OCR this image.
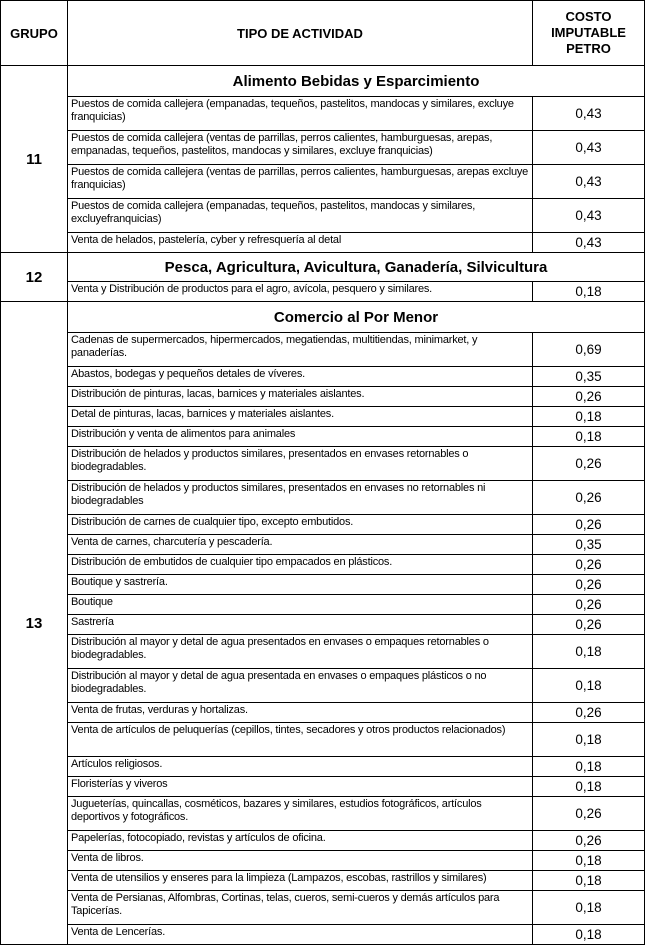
GRUPO	TIPO DE ACTIVIDAD	COSTO
IMPUTABLE
PETRO

11	Alimento Bebidas y Esparcimiento	
	Puestos de comida callejera (empanadas, tequeños, pastelitos, mandocas y similares, excluye franquicias)	0,43
	Puestos de comida callejera (ventas de parrillas, perros calientes, hamburguesas, arepas, empanadas, tequeños, pastelitos, mandocas y similares, excluye franquicias)	0,43
	Puestos de comida callejera (ventas de parrillas, perros calientes, hamburguesas, arepas excluye franquicias)	0,43
	Puestos de comida callejera (empanadas, tequeños, pastelitos, mandocas y similares, excluyefranquicias)	0,43
	Venta de helados, pastelería, cyber y refresquería al detal	0,43
12	Pesca, Agricultura, Avicultura, Ganadería, Silvicultura	
	Venta y Distribución de productos para el agro, avícola, pesquero y similares.	0,18
13	Comercio al Por Menor	
	Cadenas de supermercados, hipermercados, megatiendas, multitiendas, minimarket, y panaderías.	0,69
	Abastos, bodegas y pequeños detales de víveres.	0,35
	Distribución de pinturas, lacas, barnices y materiales aislantes.	0,26
	Detal de pinturas, lacas, barnices y materiales aislantes.	0,18
	Distribución y venta de alimentos para animales	0,18
	Distribución de helados y productos similares, presentados en envases retornables o biodegradables.	0,26
	Distribución de helados y productos similares, presentados en envases no retornables ni biodegradables	0,26
	Distribución de carnes de cualquier tipo, excepto embutidos.	0,26
	Venta de carnes, charcutería y pescadería.	0,35
	Distribución de embutidos de cualquier tipo empacados en plásticos.	0,26
	Boutique y sastrería.	0,26
	Boutique	0,26
	Sastrería	0,26
	Distribución al mayor y detal de agua presentados en envases o empaques retornables o biodegradables.	0,18
	Distribución al mayor y detal de agua presentada en envases o empaques plásticos o no biodegradables.	0,18
	Venta de frutas, verduras y hortalizas.	0,26
	Venta de artículos de peluquerías (cepillos, tintes, secadores y otros productos relacionados)	0,18
	Artículos religiosos.	0,18
	Floristerías y viveros	0,18
	Jugueterías, quincallas, cosméticos, bazares y similares, estudios fotográficos, artículos deportivos y fotográficos.	0,26
	Papelerías, fotocopiado, revistas y artículos de oficina.	0,26
	Venta de libros.	0,18
	Venta de utensilios y enseres para la limpieza (Lampazos, escobas, rastrillos y similares)	0,18
	Venta de Persianas, Alfombras, Cortinas, telas, cueros, semi-cueros y demás artículos para Tapicerías.	0,18
	Venta de Lencerías.	0,18
